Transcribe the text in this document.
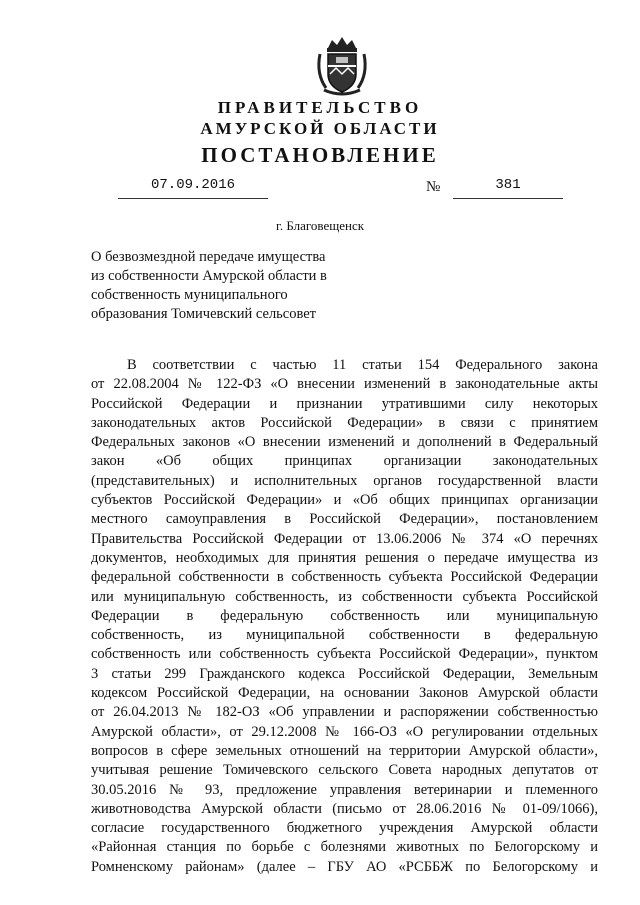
ПРАВИТЕЛЬСТВО
АМУРСКОЙ ОБЛАСТИ
ПОСТАНОВЛЕНИЕ
07.09.2016	№	381
г. Благовещенск
О безвозмездной передаче имущества
из собственности Амурской области в
собственность муниципального
образования Томичевский сельсовет
В соответствии с частью 11 статьи 154 Федерального закона
от 22.08.2004 № 122-ФЗ «О внесении изменений в законодательные акты
Российской Федерации и признании утратившими силу некоторых
законодательных актов Российской Федерации» в связи с принятием
Федеральных законов «О внесении изменений и дополнений в Федеральный
закон «Об общих принципах организации законодательных
(представительных) и исполнительных органов государственной власти
субъектов Российской Федерации» и «Об общих принципах организации
местного самоуправления в Российской Федерации», постановлением
Правительства Российской Федерации от 13.06.2006 № 374 «О перечнях
документов, необходимых для принятия решения о передаче имущества из
федеральной собственности в собственность субъекта Российской Федерации
или муниципальную собственность, из собственности субъекта Российской
Федерации в федеральную собственность или муниципальную
собственность, из муниципальной собственности в федеральную
собственность или собственность субъекта Российской Федерации», пунктом
3 статьи 299 Гражданского кодекса Российской Федерации, Земельным
кодексом Российской Федерации, на основании Законов Амурской области
от 26.04.2013 № 182-ОЗ «Об управлении и распоряжении собственностью
Амурской области», от 29.12.2008 № 166-ОЗ «О регулировании отдельных
вопросов в сфере земельных отношений на территории Амурской области»,
учитывая решение Томичевского сельского Совета народных депутатов от
30.05.2016 № 93, предложение управления ветеринарии и племенного
животноводства Амурской области (письмо от 28.06.2016 № 01-09/1066),
согласие государственного бюджетного учреждения Амурской области
«Районная станция по борьбе с болезнями животных по Белогорскому и
Ромненскому районам» (далее – ГБУ АО «РСББЖ по Белогорскому и
